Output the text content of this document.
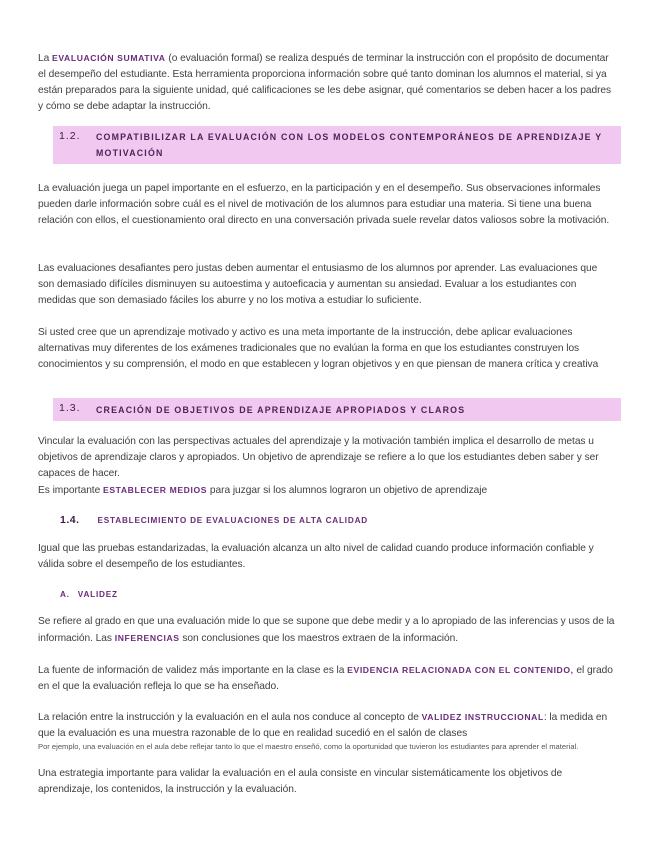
La EVALUACIÓN SUMATIVA (o evaluación formal) se realiza después de terminar la instrucción con el propósito de documentar el desempeño del estudiante. Esta herramienta proporciona información sobre qué tanto dominan los alumnos el material, si ya están preparados para la siguiente unidad, qué calificaciones se les debe asignar, qué comentarios se deben hacer a los padres y cómo se debe adaptar la instrucción.

1.2. COMPATIBILIZAR LA EVALUACIÓN CON LOS MODELOS CONTEMPORÁNEOS DE APRENDIZAJE Y MOTIVACIÓN

La evaluación juega un papel importante en el esfuerzo, en la participación y en el desempeño. Sus observaciones informales pueden darle información sobre cuál es el nivel de motivación de los alumnos para estudiar una materia. Si tiene una buena relación con ellos, el cuestionamiento oral directo en una conversación privada suele revelar datos valiosos sobre la motivación.

Las evaluaciones desafiantes pero justas deben aumentar el entusiasmo de los alumnos por aprender. Las evaluaciones que son demasiado difíciles disminuyen su autoestima y autoeficacia y aumentan su ansiedad. Evaluar a los estudiantes con medidas que son demasiado fáciles los aburre y no los motiva a estudiar lo suficiente.

Si usted cree que un aprendizaje motivado y activo es una meta importante de la instrucción, debe aplicar evaluaciones alternativas muy diferentes de los exámenes tradicionales que no evalúan la forma en que los estudiantes construyen los conocimientos y su comprensión, el modo en que establecen y logran objetivos y en que piensan de manera crítica y creativa

1.3. CREACIÓN DE OBJETIVOS DE APRENDIZAJE APROPIADOS Y CLAROS

Vincular la evaluación con las perspectivas actuales del aprendizaje y la motivación también implica el desarrollo de metas u objetivos de aprendizaje claros y apropiados. Un objetivo de aprendizaje se refiere a lo que los estudiantes deben saber y ser capaces de hacer.

Es importante ESTABLECER MEDIOS para juzgar si los alumnos lograron un objetivo de aprendizaje

1.4. ESTABLECIMIENTO DE EVALUACIONES DE ALTA CALIDAD

Igual que las pruebas estandarizadas, la evaluación alcanza un alto nivel de calidad cuando produce información confiable y válida sobre el desempeño de los estudiantes.

A. VALIDEZ

Se refiere al grado en que una evaluación mide lo que se supone que debe medir y a lo apropiado de las inferencias y usos de la información. Las INFERENCIAS son conclusiones que los maestros extraen de la información.

La fuente de información de validez más importante en la clase es la EVIDENCIA RELACIONADA CON EL CONTENIDO, el grado en el que la evaluación refleja lo que se ha enseñado.

La relación entre la instrucción y la evaluación en el aula nos conduce al concepto de VALIDEZ INSTRUCCIONAL: la medida en que la evaluación es una muestra razonable de lo que en realidad sucedió en el salón de clases

Por ejemplo, una evaluación en el aula debe reflejar tanto lo que el maestro enseñó, como la oportunidad que tuvieron los estudiantes para aprender el material.

Una estrategia importante para validar la evaluación en el aula consiste en vincular sistemáticamente los objetivos de aprendizaje, los contenidos, la instrucción y la evaluación.
